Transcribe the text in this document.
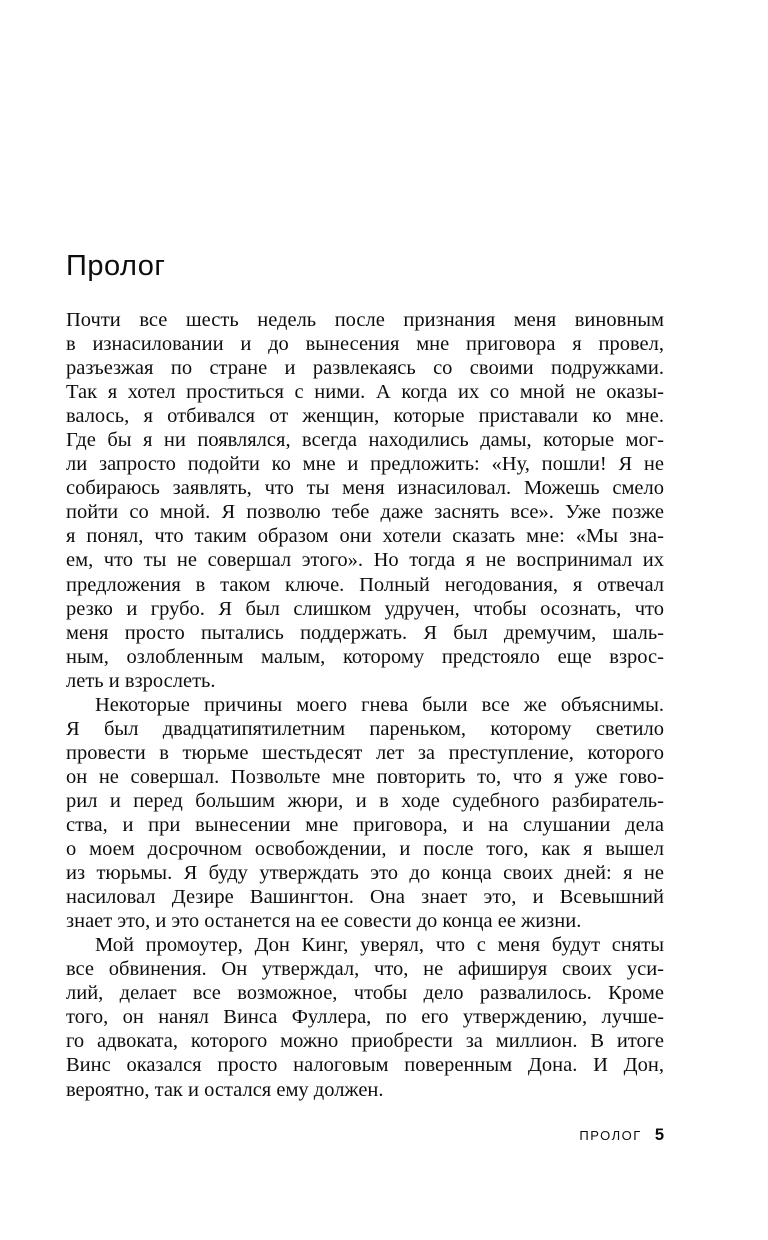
Пролог
Почти все шесть недель после признания меня виновным
в изнасиловании и до вынесения мне приговора я провел,
разъезжая по стране и развлекаясь со своими подружками.
Так я хотел проститься с ними. А когда их со мной не оказы-
валось, я отбивался от женщин, которые приставали ко мне.
Где бы я ни появлялся, всегда находились дамы, которые мог-
ли запросто подойти ко мне и предложить: «Ну, пошли! Я не
собираюсь заявлять, что ты меня изнасиловал. Можешь смело
пойти со мной. Я позволю тебе даже заснять все». Уже позже
я понял, что таким образом они хотели сказать мне: «Мы зна-
ем, что ты не совершал этого». Но тогда я не воспринимал их
предложения в таком ключе. Полный негодования, я отвечал
резко и грубо. Я был слишком удручен, чтобы осознать, что
меня просто пытались поддержать. Я был дремучим, шаль-
ным, озлобленным малым, которому предстояло еще взрос-
леть и взрослеть.
Некоторые причины моего гнева были все же объяснимы.
Я был двадцатипятилетним пареньком, которому светило
провести в тюрьме шестьдесят лет за преступление, которого
он не совершал. Позвольте мне повторить то, что я уже гово-
рил и перед большим жюри, и в ходе судебного разбиратель-
ства, и при вынесении мне приговора, и на слушании дела
о моем досрочном освобождении, и после того, как я вышел
из тюрьмы. Я буду утверждать это до конца своих дней: я не
насиловал Дезире Вашингтон. Она знает это, и Всевышний
знает это, и это останется на ее совести до конца ее жизни.
Мой промоутер, Дон Кинг, уверял, что с меня будут сняты
все обвинения. Он утверждал, что, не афишируя своих уси-
лий, делает все возможное, чтобы дело развалилось. Кроме
того, он нанял Винса Фуллера, по его утверждению, лучше-
го адвоката, которого можно приобрести за миллион. В итоге
Винс оказался просто налоговым поверенным Дона. И Дон,
вероятно, так и остался ему должен.
ПРОЛОГ 5
